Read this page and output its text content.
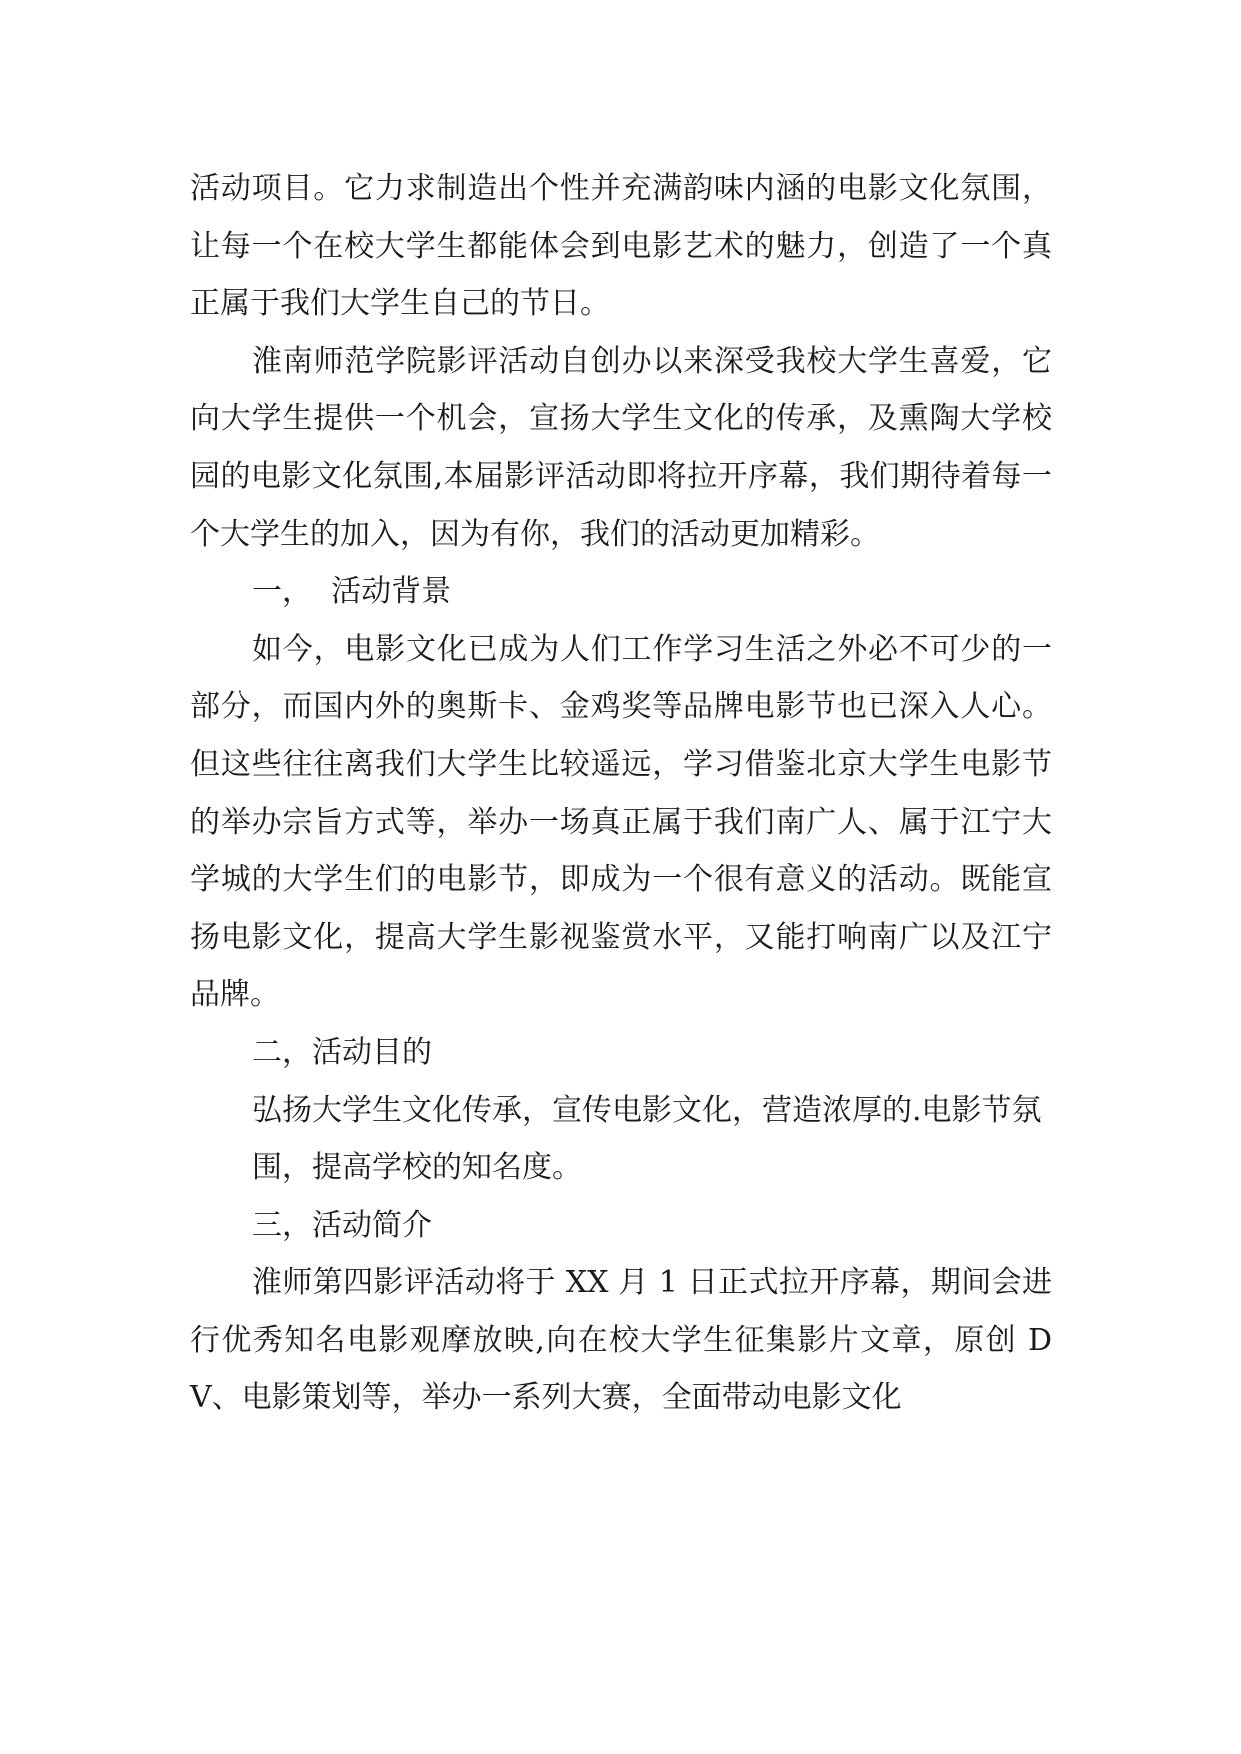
活动项目。它力求制造出个性并充满韵味内涵的电影文化氛围，让每一个在校大学生都能体会到电影艺术的魅力，创造了一个真正属于我们大学生自己的节日。

淮南师范学院影评活动自创办以来深受我校大学生喜爱，它向大学生提供一个机会，宣扬大学生文化的传承，及熏陶大学校园的电影文化氛围,本届影评活动即将拉开序幕，我们期待着每一个大学生的加入，因为有你，我们的活动更加精彩。

一，  活动背景

如今，电影文化已成为人们工作学习生活之外必不可少的一部分，而国内外的奥斯卡、金鸡奖等品牌电影节也已深入人心。但这些往往离我们大学生比较遥远，学习借鉴北京大学生电影节的举办宗旨方式等，举办一场真正属于我们南广人、属于江宁大学城的大学生们的电影节，即成为一个很有意义的活动。既能宣扬电影文化，提高大学生影视鉴赏水平，又能打响南广以及江宁品牌。

二，活动目的

弘扬大学生文化传承，宣传电影文化，营造浓厚的.电影节氛

围，提高学校的知名度。

三，活动简介

淮师第四影评活动将于 XX 月 1 日正式拉开序幕，期间会进行优秀知名电影观摩放映,向在校大学生征集影片文章，原创 DV、电影策划等，举办一系列大赛，全面带动电影文化
